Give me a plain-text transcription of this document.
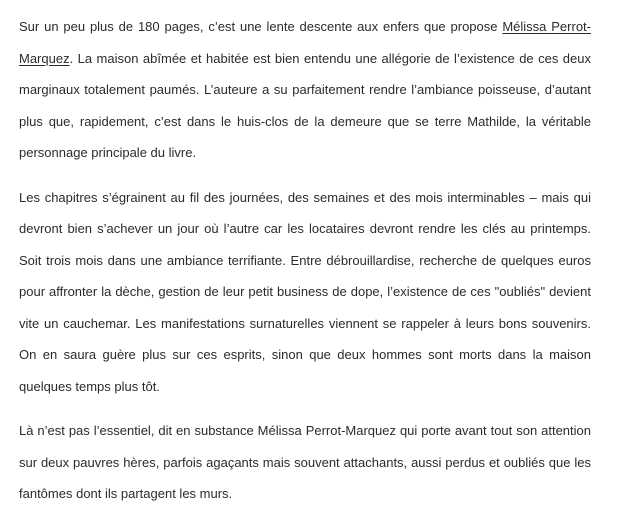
Sur un peu plus de 180 pages, c’est une lente descente aux enfers que propose Mélissa Perrot-Marquez. La maison abîmée et habitée est bien entendu une allégorie de l’existence de ces deux marginaux totalement paumés. L’auteure a su parfaitement rendre l’ambiance poisseuse, d’autant plus que, rapidement, c’est dans le huis-clos de la demeure que se terre Mathilde, la véritable personnage principale du livre.

Les chapitres s’égrainent au fil des journées, des semaines et des mois interminables – mais qui devront bien s’achever un jour où l’autre car les locataires devront rendre les clés au printemps. Soit trois mois dans une ambiance terrifiante. Entre débrouillardise, recherche de quelques euros pour affronter la dèche, gestion de leur petit business de dope, l’existence de ces "oubliés" devient vite un cauchemar. Les manifestations surnaturelles viennent se rappeler à leurs bons souvenirs. On en saura guère plus sur ces esprits, sinon que deux hommes sont morts dans la maison quelques temps plus tôt.

Là n’est pas l’essentiel, dit en substance Mélissa Perrot-Marquez qui porte avant tout son attention sur deux pauvres hères, parfois agaçants mais souvent attachants, aussi perdus et oubliés que les fantômes dont ils partagent les murs.
